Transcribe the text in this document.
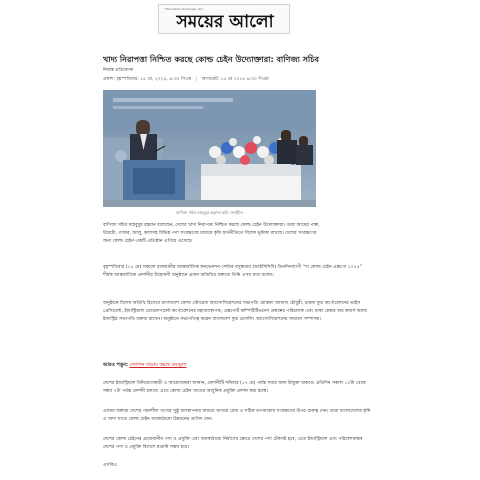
The Daily Somoyer Alo
সময়ের আলো
খাদ্য নিরাপত্তা নিশ্চিত করছে কোল্ড চেইন উদ্যোক্তারা: বাণিজ্য সচিব
নিজস্ব প্রতিবেদক
প্রকাশ: বৃহস্পতিবার, ১৫ মে, ২০২৫, ৬:৩০ পিএম | আপডেট: ১৫ মে ২০২৫ ৬:৩০ পিএম
বাণিজ্য সচিব মাহবুবুর রহমান। ছবি: সংগৃহীত
বাণিজ্য সচিব মাহবুবুর রহমান বলেছেন, দেশের খাদ্য নিরাপত্তা নিশ্চিত করছে কোল্ড চেইন উদ্যোক্তারা। তারা আমের পাল্প, টমেটো, গাজর, আলু, কলাসহ বিভিন্ন পণ্য সংরক্ষণের মাধ্যমে কৃষি অর্থনীতিতে বিশেষ ভূমিকা রাখছে। দেশের সংরক্ষণের জন্য কোল্ড চেইন একটি প্রতিষ্ঠান এগিয়ে এসেছে।
বৃহস্পতিবার (১৫ মে) সকালে রাজধানীর আন্তর্জাতিক কনভেনশন সেন্টার বসুন্ধরায় (আইসিসিবি) তিনদিনব্যাপী “দ্য কোল্ড চেইন এক্সপো ২০২৫” শীর্ষক আন্তর্জাতিক প্রদর্শনীর উদ্বোধনী অনুষ্ঠানে প্রধান অতিথির বক্তব্যে তিনি এসব কথা বলেন।
অনুষ্ঠানে বিশেষ অতিথি হিসেবে বাংলাদেশ কোল্ড স্টোরেজ অ্যাসোসিয়েশনের সভাপতি মোস্তফা আজাদ চৌধুরী, চায়না ফুড কর্পোরেশনের ভাইস প্রেসিডেন্ট, ইন্ডাস্ট্রিয়াল ডেভেলপমেন্ট কর্পোরেশনের মহাব্যবস্থাপক, এক্সপোর্ট কম্পিটিটিভনেস প্রকল্পের পরিচালক এবং ঢাকা চেম্বার অব কমার্স অ্যান্ড ইন্ডাস্ট্রির সভাপতি বক্তব্য রাখেন। অনুষ্ঠানে সভাপতিত্ব করেন বাংলাদেশ ফুড প্রসেসিং অ্যাসোসিয়েশনের সাধারণ সম্পাদক।
আরও পড়ুন: জোগান বাড়ায় কমছে দ্রব্যমূল্য
দেশের ইন্ডাস্ট্রিয়াল বিনিয়োগকারী ও আয়োজকরা জানান, প্রদর্শনীটি শনিবার (১৭ মে) পর্যন্ত সবার জন্য উন্মুক্ত থাকবে। প্রতিদিন সকাল ১০টা থেকে সন্ধ্যা ৭টা পর্যন্ত প্রদর্শনী চলবে। এতে কোল্ড চেইন খাতের আধুনিক প্রযুক্তি প্রদর্শন করা হচ্ছে।
এসময় বক্তারা দেশের পচনশীল পণ্যের সুষ্ঠু ব্যবস্থাপনার মাধ্যমে অপচয় রোধ ও সঠিক তাপমাত্রায় সংরক্ষণের উপর গুরুত্ব দেন। তারা বাংলাদেশের কৃষি ও খাদ্য খাতে কোল্ড চেইন অবকাঠামো উন্নয়নের তাগিদ দেন।
দেশের কোল্ড চেইনের প্রয়োজনীয় পণ্য ও প্রযুক্তি এবং অবকাঠামো নির্মাণের ক্ষেত্রে দেশের পণ্য টেকসই হবে, এতে ইন্ডাস্ট্রিয়াল এবং পরিবেশবান্ধব দেশের পণ্য ও প্রযুক্তি বিদেশে রপ্তানি সম্ভব হবে।
এসবিএ
